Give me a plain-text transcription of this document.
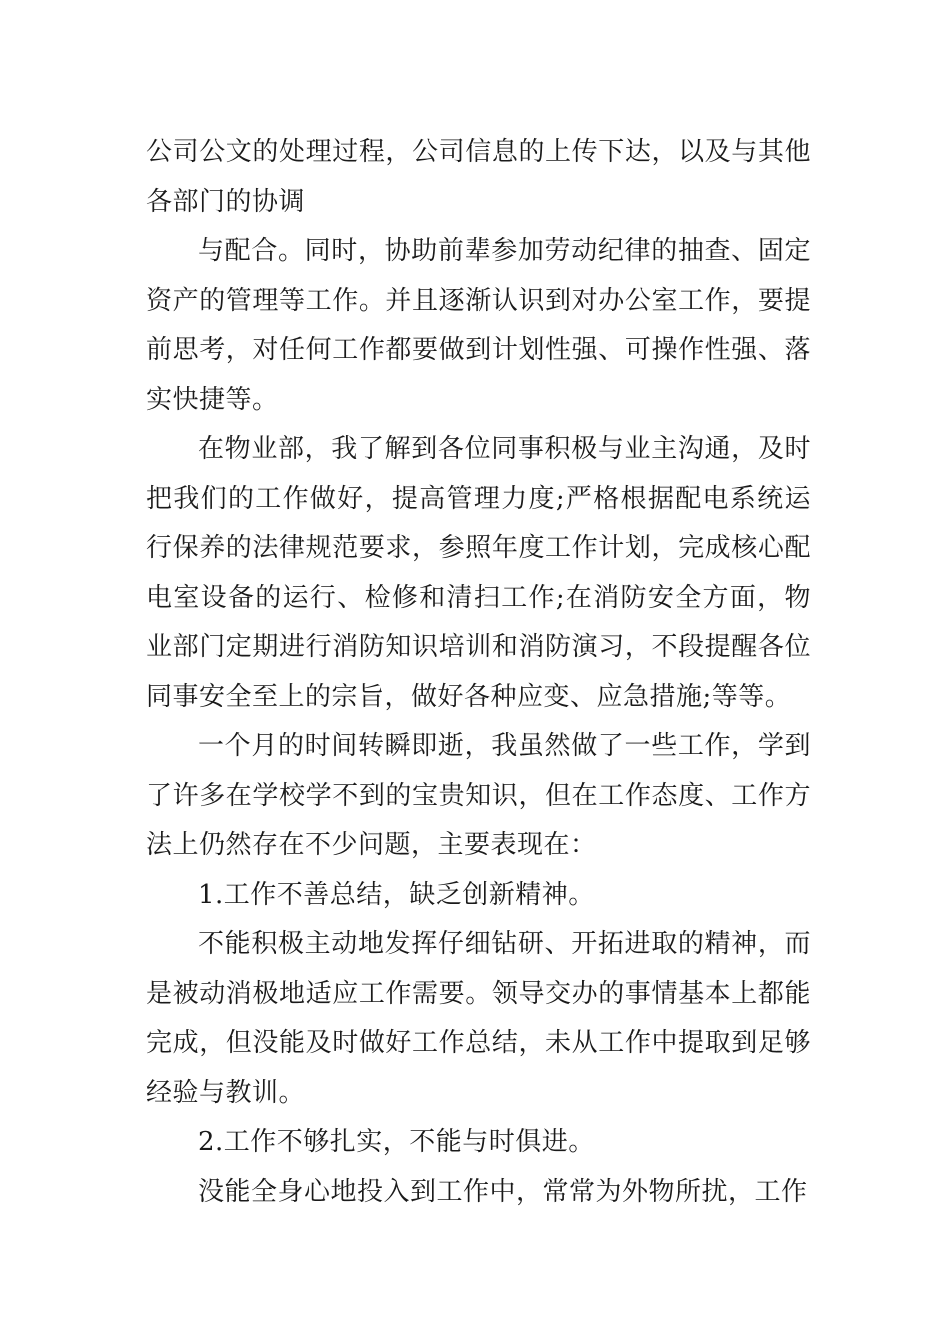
公司公文的处理过程，公司信息的上传下达，以及与其他各部门的协调

与配合。同时，协助前辈参加劳动纪律的抽查、固定资产的管理等工作。并且逐渐认识到对办公室工作，要提前思考，对任何工作都要做到计划性强、可操作性强、落实快捷等。

在物业部，我了解到各位同事积极与业主沟通，及时把我们的工作做好，提高管理力度;严格根据配电系统运行保养的法律规范要求，参照年度工作计划，完成核心配电室设备的运行、检修和清扫工作;在消防安全方面，物业部门定期进行消防知识培训和消防演习，不段提醒各位同事安全至上的宗旨，做好各种应变、应急措施;等等。

一个月的时间转瞬即逝，我虽然做了一些工作，学到了许多在学校学不到的宝贵知识，但在工作态度、工作方法上仍然存在不少问题，主要表现在：

1.工作不善总结，缺乏创新精神。

不能积极主动地发挥仔细钻研、开拓进取的精神，而是被动消极地适应工作需要。领导交办的事情基本上都能完成，但没能及时做好工作总结，未从工作中提取到足够经验与教训。

2.工作不够扎实，不能与时俱进。

没能全身心地投入到工作中，常常为外物所扰，工作
